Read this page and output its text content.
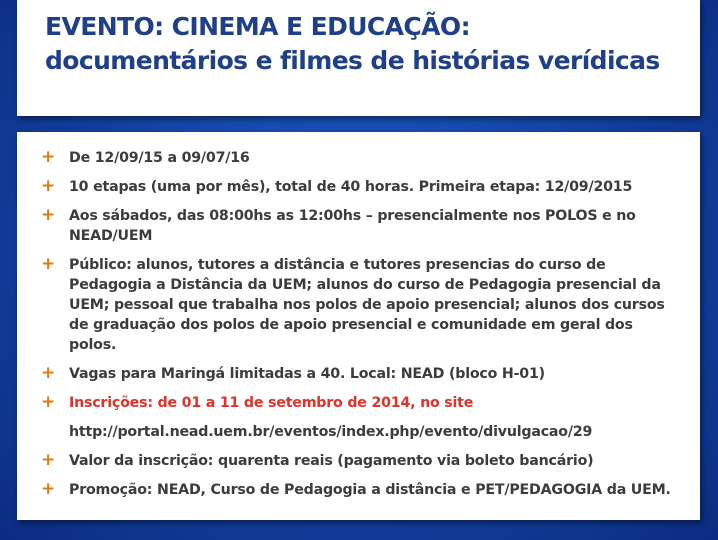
EVENTO: CINEMA E EDUCAÇÃO:
documentários e filmes de histórias verídicas
+ De 12/09/15 a 09/07/16
+ 10 etapas (uma por mês), total de 40 horas. Primeira etapa: 12/09/2015
+ Aos sábados, das 08:00hs as 12:00hs – presencialmente nos POLOS e no NEAD/UEM
+ Público: alunos, tutores a distância e tutores presencias do curso de Pedagogia a Distância da UEM; alunos do curso de Pedagogia presencial da UEM; pessoal que trabalha nos polos de apoio presencial; alunos dos cursos de graduação dos polos de apoio presencial e comunidade em geral dos polos.
+ Vagas para Maringá limitadas a 40. Local: NEAD (bloco H-01)
+ Inscrições: de 01 a 11 de setembro de 2014, no site
http://portal.nead.uem.br/eventos/index.php/evento/divulgacao/29
+ Valor da inscrição: quarenta reais (pagamento via boleto bancário)
+ Promoção: NEAD, Curso de Pedagogia a distância e PET/PEDAGOGIA da UEM.
